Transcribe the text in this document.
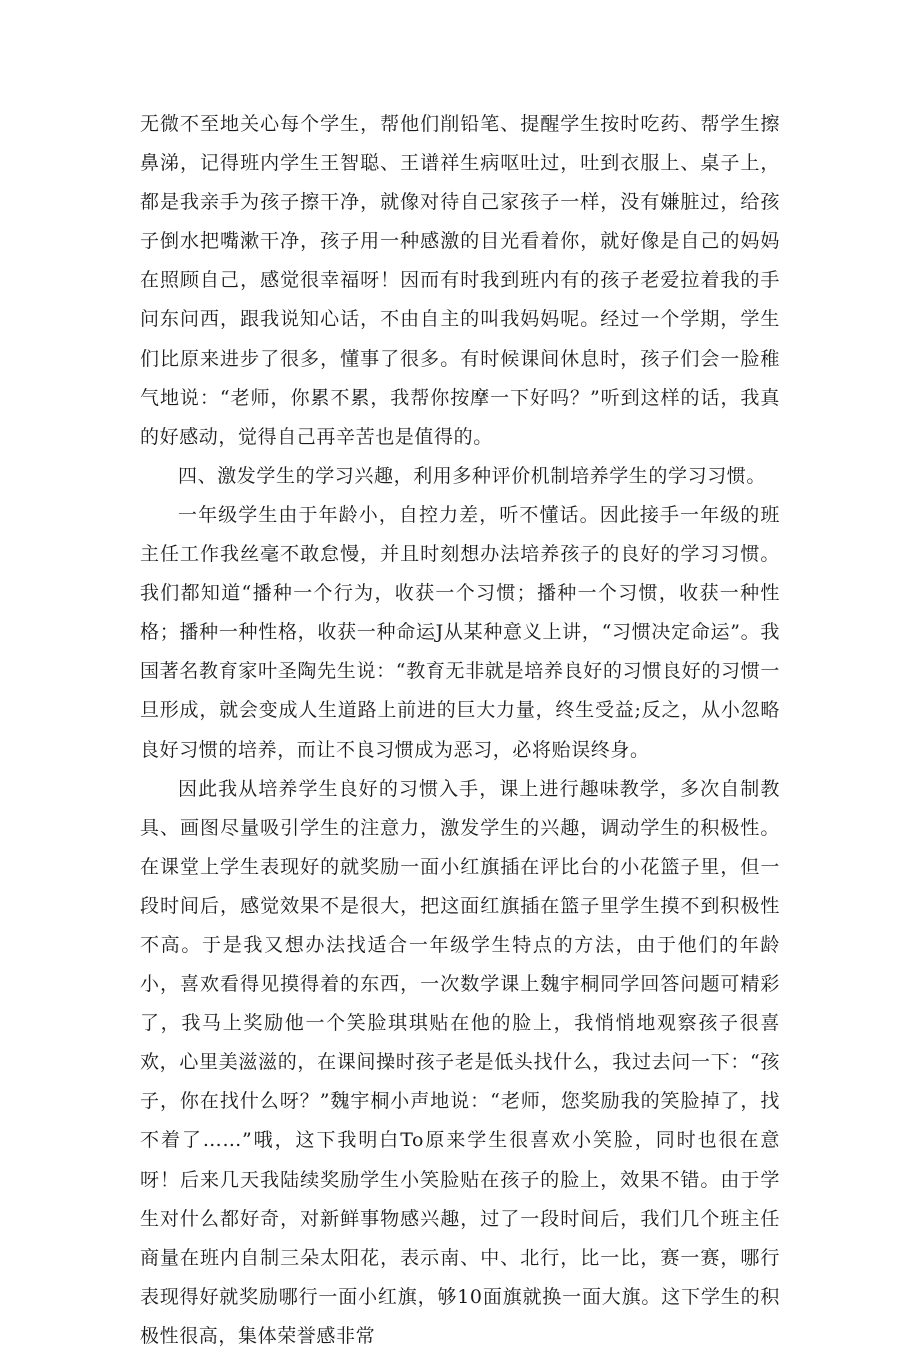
无微不至地关心每个学生，帮他们削铅笔、提醒学生按时吃药、帮学生擦鼻涕，记得班内学生王智聪、王谱祥生病呕吐过，吐到衣服上、桌子上，都是我亲手为孩子擦干净，就像对待自己家孩子一样，没有嫌脏过，给孩子倒水把嘴漱干净，孩子用一种感激的目光看着你，就好像是自己的妈妈在照顾自己，感觉很幸福呀！因而有时我到班内有的孩子老爱拉着我的手问东问西，跟我说知心话，不由自主的叫我妈妈呢。经过一个学期，学生们比原来进步了很多，懂事了很多。有时候课间休息时，孩子们会一脸稚气地说：“老师，你累不累，我帮你按摩一下好吗？”听到这样的话，我真的好感动，觉得自己再辛苦也是值得的。

四、激发学生的学习兴趣，利用多种评价机制培养学生的学习习惯。

一年级学生由于年龄小，自控力差，听不懂话。因此接手一年级的班主任工作我丝毫不敢怠慢，并且时刻想办法培养孩子的良好的学习习惯。我们都知道“播种一个行为，收获一个习惯；播种一个习惯，收获一种性格；播种一种性格，收获一种命运J从某种意义上讲，“习惯决定命运”。我国著名教育家叶圣陶先生说：“教育无非就是培养良好的习惯良好的习惯一旦形成，就会变成人生道路上前进的巨大力量，终生受益;反之，从小忽略良好习惯的培养，而让不良习惯成为恶习，必将贻误终身。

因此我从培养学生良好的习惯入手，课上进行趣味教学，多次自制教具、画图尽量吸引学生的注意力，激发学生的兴趣，调动学生的积极性。在课堂上学生表现好的就奖励一面小红旗插在评比台的小花篮子里，但一段时间后，感觉效果不是很大，把这面红旗插在篮子里学生摸不到积极性不高。于是我又想办法找适合一年级学生特点的方法，由于他们的年龄小，喜欢看得见摸得着的东西，一次数学课上魏宇桐同学回答问题可精彩了，我马上奖励他一个笑脸琪琪贴在他的脸上，我悄悄地观察孩子很喜欢，心里美滋滋的，在课间操时孩子老是低头找什么，我过去问一下：“孩子，你在找什么呀？”魏宇桐小声地说：“老师，您奖励我的笑脸掉了，找不着了……”哦，这下我明白To原来学生很喜欢小笑脸，同时也很在意呀！后来几天我陆续奖励学生小笑脸贴在孩子的脸上，效果不错。由于学生对什么都好奇，对新鲜事物感兴趣，过了一段时间后，我们几个班主任商量在班内自制三朵太阳花，表示南、中、北行，比一比，赛一赛，哪行表现得好就奖励哪行一面小红旗，够10面旗就换一面大旗。这下学生的积极性很高，集体荣誉感非常
